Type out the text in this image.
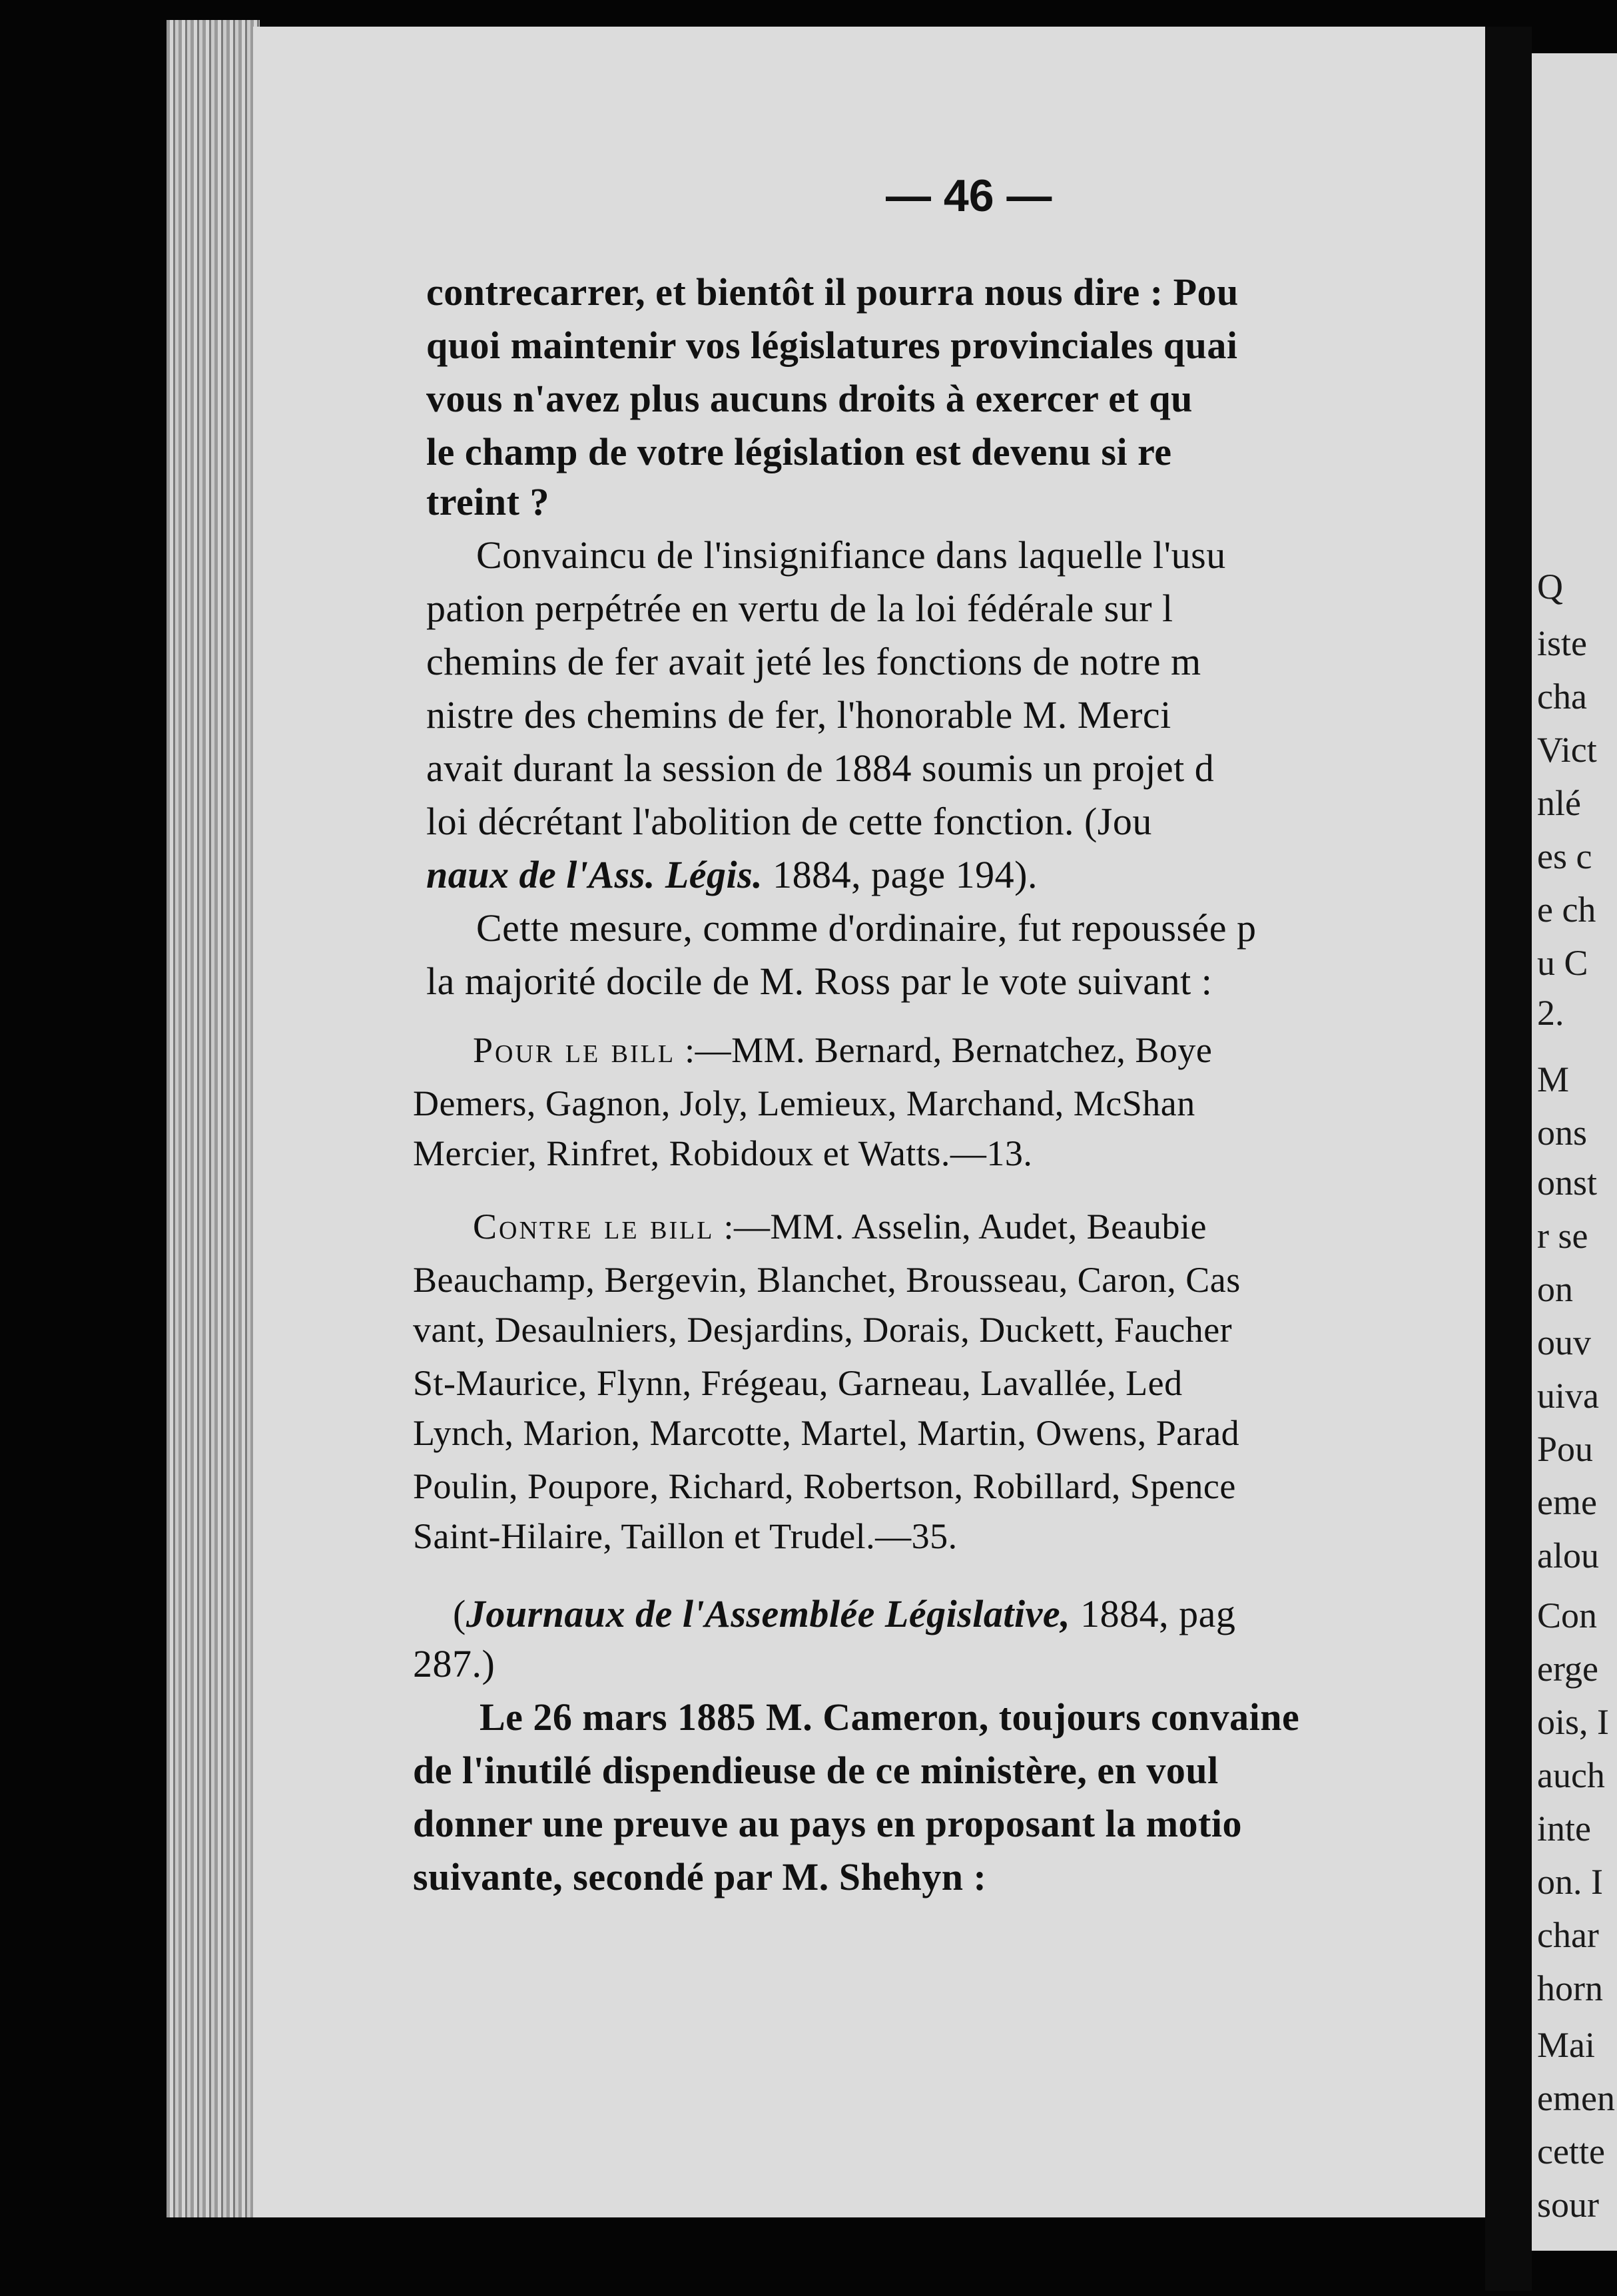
Q
iste
cha
Vict
nlé
es c
e ch
u C
2.
M
ons
onst
r se
on
ouv
uiva
Pou
eme
alou
Con
erge
ois, I
auch
inte
on. I
char
horn
Mai
emen
cette
sour
— 46 —
contrecarrer, et bientôt il pourra nous dire : Pou
quoi maintenir vos législatures provinciales quai
vous n'avez plus aucuns droits à exercer et qu
le champ de votre législation est devenu si re
treint ?
Convaincu de l'insignifiance dans laquelle l'usu
pation perpétrée en vertu de la loi fédérale sur l
chemins de fer avait jeté les fonctions de notre m
nistre des chemins de fer, l'honorable M. Merci
avait durant la session de 1884 soumis un projet d
loi décrétant l'abolition de cette fonction. (Jou
naux de l'Ass. Légis. 1884, page 194).
Cette mesure, comme d'ordinaire, fut repoussée p
la majorité docile de M. Ross par le vote suivant :
Pour le bill :—MM. Bernard, Bernatchez, Boye
Demers, Gagnon, Joly, Lemieux, Marchand, McShan
Mercier, Rinfret, Robidoux et Watts.—13.
Contre le bill :—MM. Asselin, Audet, Beaubie
Beauchamp, Bergevin, Blanchet, Brousseau, Caron, Cas
vant, Desaulniers, Desjardins, Dorais, Duckett, Faucher
St-Maurice, Flynn, Frégeau, Garneau, Lavallée, Led
Lynch, Marion, Marcotte, Martel, Martin, Owens, Parad
Poulin, Poupore, Richard, Robertson, Robillard, Spence
Saint-Hilaire, Taillon et Trudel.—35.
(Journaux de l'Assemblée Législative, 1884, pag
287.)
Le 26 mars 1885 M. Cameron, toujours convaine
de l'inutilé dispendieuse de ce ministère, en voul
donner une preuve au pays en proposant la motio
suivante, secondé par M. Shehyn :
